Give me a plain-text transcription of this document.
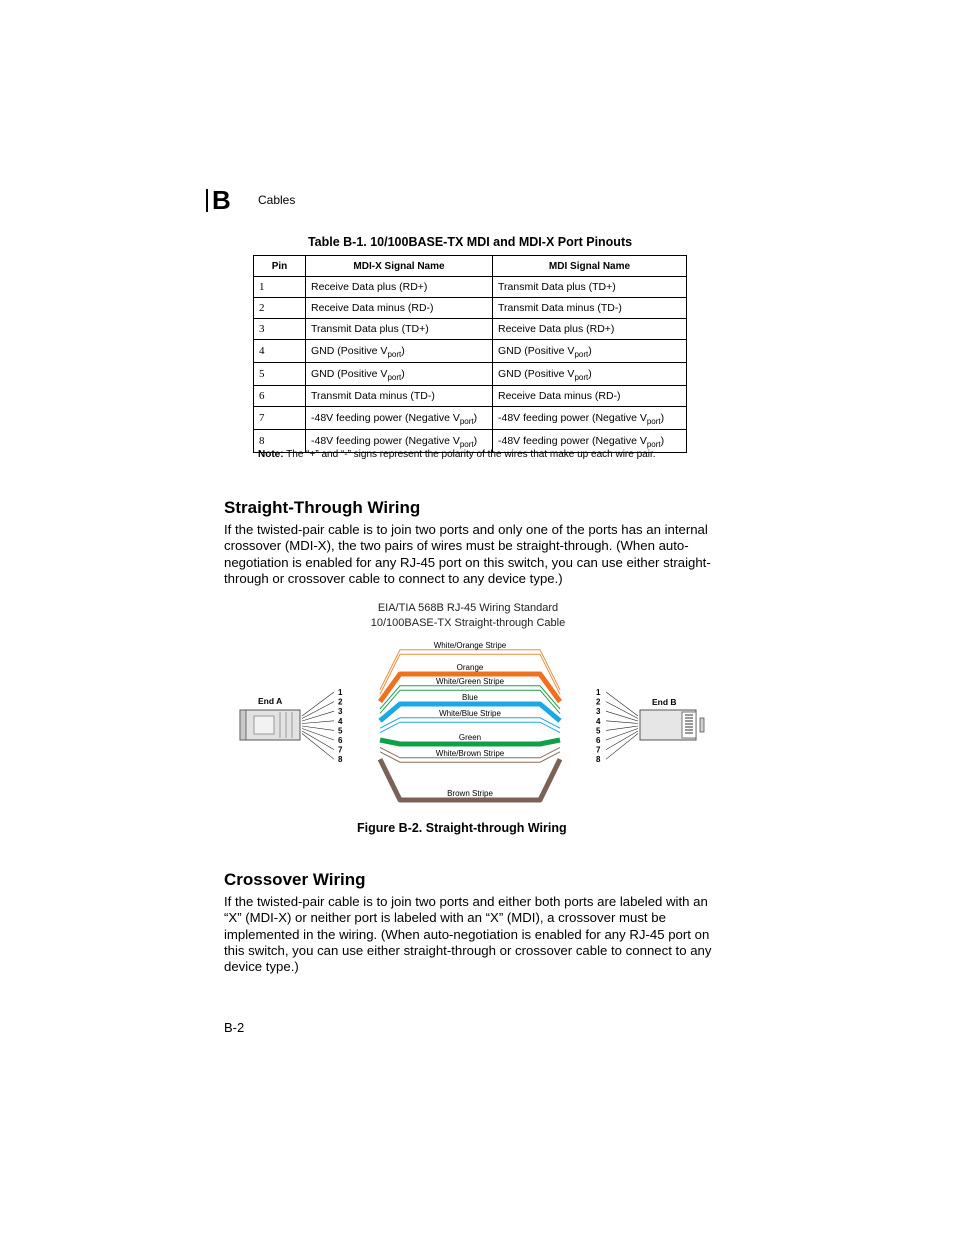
B Cables
Table B-1. 10/100BASE-TX MDI and MDI-X Port Pinouts
Pin	MDI-X Signal Name	MDI Signal Name
1	Receive Data plus (RD+)	Transmit Data plus (TD+)
2	Receive Data minus (RD-)	Transmit Data minus (TD-)
3	Transmit Data plus (TD+)	Receive Data plus (RD+)
4	GND (Positive $V_{port}$)	GND (Positive $V_{port}$)
5	GND (Positive $V_{port}$)	GND (Positive $V_{port}$)
6	Transmit Data minus (TD-)	Receive Data minus (RD-)
7	-48V feeding power (Negative $V_{port}$)	-48V feeding power (Negative $V_{port}$)
8	-48V feeding power (Negative $V_{port}$)	-48V feeding power (Negative $V_{port}$)
Note: The “+” and “-” signs represent the polarity of the wires that make up each wire pair.
Straight-Through Wiring

If the twisted-pair cable is to join two ports and only one of the ports has an internal crossover (MDI-X), the two pairs of wires must be straight-through. (When auto-negotiation is enabled for any RJ-45 port on this switch, you can use either straight-through or crossover cable to connect to any device type.)

EIA/TIA 568B RJ-45 Wiring Standard
10/100BASE-TX Straight-through Cable
End A	End B
1	1
2	2
3	3
4	4
5	5
6	6
7	7
8	8
White/Orange Stripe
Orange
White/Green Stripe
Blue
White/Blue Stripe
Green
White/Brown Stripe
Brown Stripe
Figure B-2. Straight-through Wiring
Crossover Wiring

If the twisted-pair cable is to join two ports and either both ports are labeled with an “X” (MDI-X) or neither port is labeled with an “X” (MDI), a crossover must be implemented in the wiring. (When auto-negotiation is enabled for any RJ-45 port on this switch, you can use either straight-through or crossover cable to connect to any device type.)

B-2
